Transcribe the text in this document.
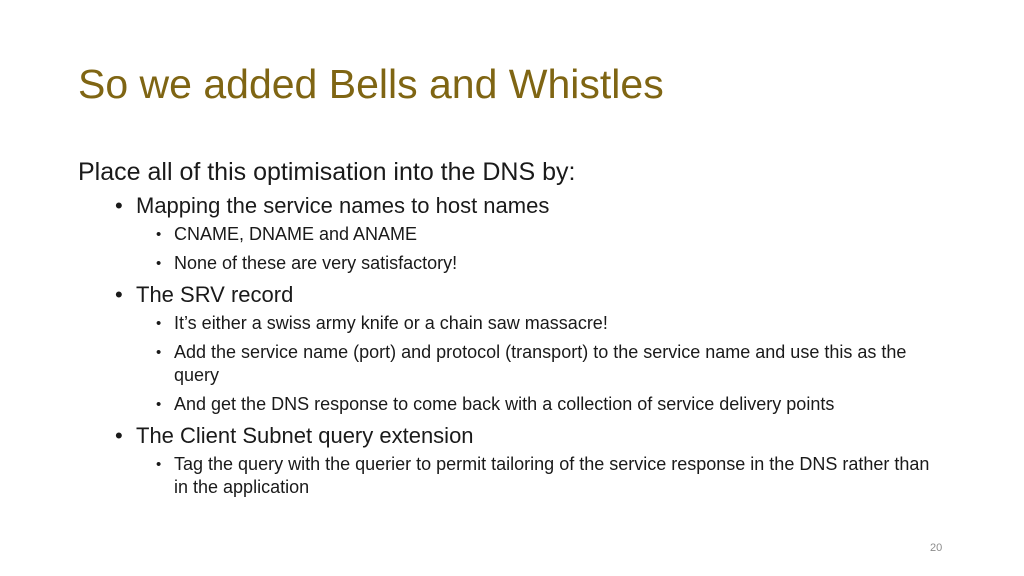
So we added Bells and Whistles
Place all of this optimisation into the DNS by:
• Mapping the service names to host names
• CNAME, DNAME and ANAME
• None of these are very satisfactory!
• The SRV record
• It’s either a swiss army knife or a chain saw massacre!
• Add the service name (port) and protocol (transport) to the service name and use this as the query
• And get the DNS response to come back with a collection of service delivery points
• The Client Subnet query extension
• Tag the query with the querier to permit tailoring of the service response in the DNS rather than in the application
20
